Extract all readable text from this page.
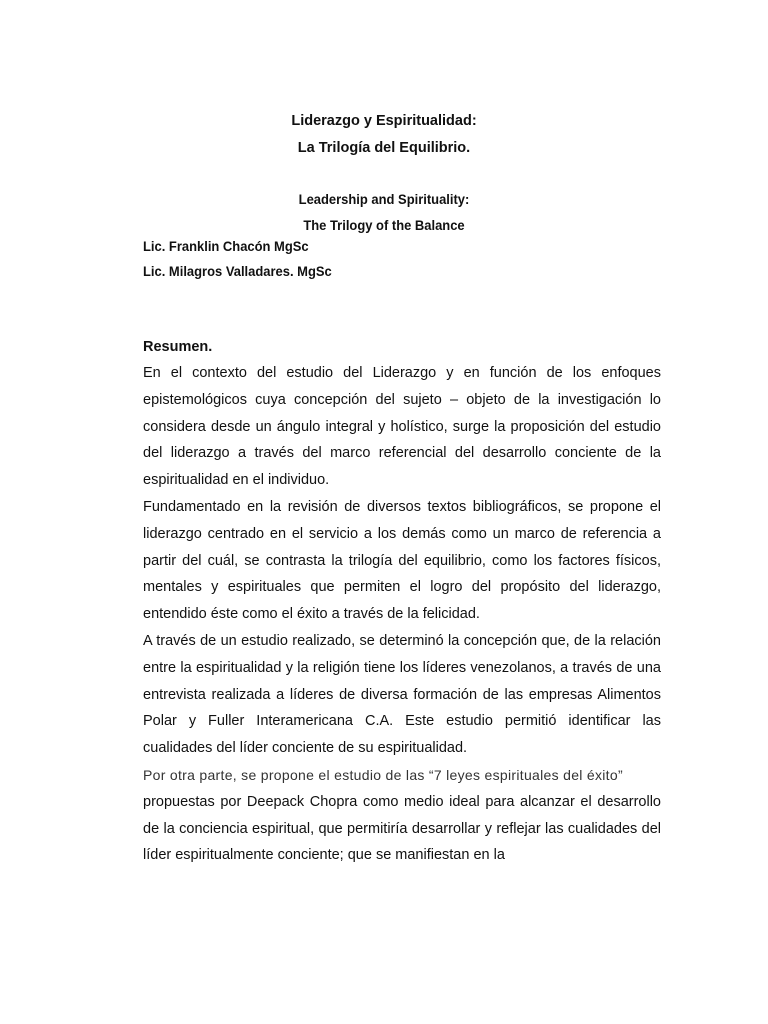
Liderazgo y Espiritualidad:
La Trilogía del Equilibrio.
Leadership and Spirituality:
The Trilogy of the Balance
Lic. Franklin Chacón MgSc
Lic. Milagros Valladares. MgSc

Resumen.

En el contexto del estudio del Liderazgo y en función de los enfoques epistemológicos cuya concepción del sujeto – objeto de la investigación lo considera desde un ángulo integral y holístico, surge la proposición del estudio del liderazgo a través del marco referencial del desarrollo conciente de la espiritualidad en el individuo.

Fundamentado en la revisión de diversos textos bibliográficos, se propone el liderazgo centrado en el servicio a los demás como un marco de referencia a partir del cuál, se contrasta la trilogía del equilibrio, como los factores físicos, mentales y espirituales que permiten el logro del propósito del liderazgo, entendido éste como el éxito a través de la felicidad.

A través de un estudio realizado, se determinó la concepción que, de la relación entre la espiritualidad y la religión tiene los líderes venezolanos, a través de una entrevista realizada a líderes de diversa formación de las empresas Alimentos Polar y Fuller Interamericana C.A. Este estudio permitió identificar las cualidades del líder conciente de su espiritualidad.

Por otra parte, se propone el estudio de las “7 leyes espirituales del éxito”

propuestas por Deepack Chopra como medio ideal para alcanzar el desarrollo de la conciencia espiritual, que permitiría desarrollar y reflejar las cualidades del líder espiritualmente conciente; que se manifiestan en la
